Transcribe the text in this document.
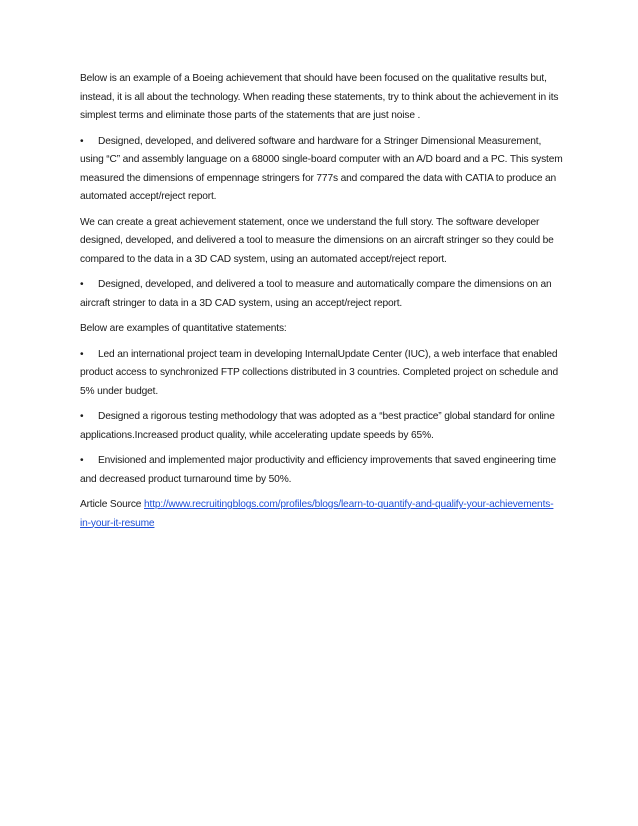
Below is an example of a Boeing achievement that should have been focused on the qualitative results but, instead, it is all about the technology. When reading these statements, try to think about the achievement in its simplest terms and eliminate those parts of the statements that are just noise .

• Designed, developed, and delivered software and hardware for a Stringer Dimensional Measurement, using “C” and assembly language on a 68000 single-board computer with an A/D board and a PC. This system measured the dimensions of empennage stringers for 777s and compared the data with CATIA to produce an automated accept/reject report.

We can create a great achievement statement, once we understand the full story. The software developer designed, developed, and delivered a tool to measure the dimensions on an aircraft stringer so they could be compared to the data in a 3D CAD system, using an automated accept/reject report.

• Designed, developed, and delivered a tool to measure and automatically compare the dimensions on an aircraft stringer to data in a 3D CAD system, using an accept/reject report.

Below are examples of quantitative statements:

• Led an international project team in developing InternalUpdate Center (IUC), a web interface that enabled product access to synchronized FTP collections distributed in 3 countries. Completed project on schedule and 5% under budget.

• Designed a rigorous testing methodology that was adopted as a “best practice” global standard for online applications.Increased product quality, while accelerating update speeds by 65%.

• Envisioned and implemented major productivity and efficiency improvements that saved engineering time and decreased product turnaround time by 50%.

Article Source http://www.recruitingblogs.com/profiles/blogs/learn-to-quantify-and-qualify-your-achievements-in-your-it-resume
